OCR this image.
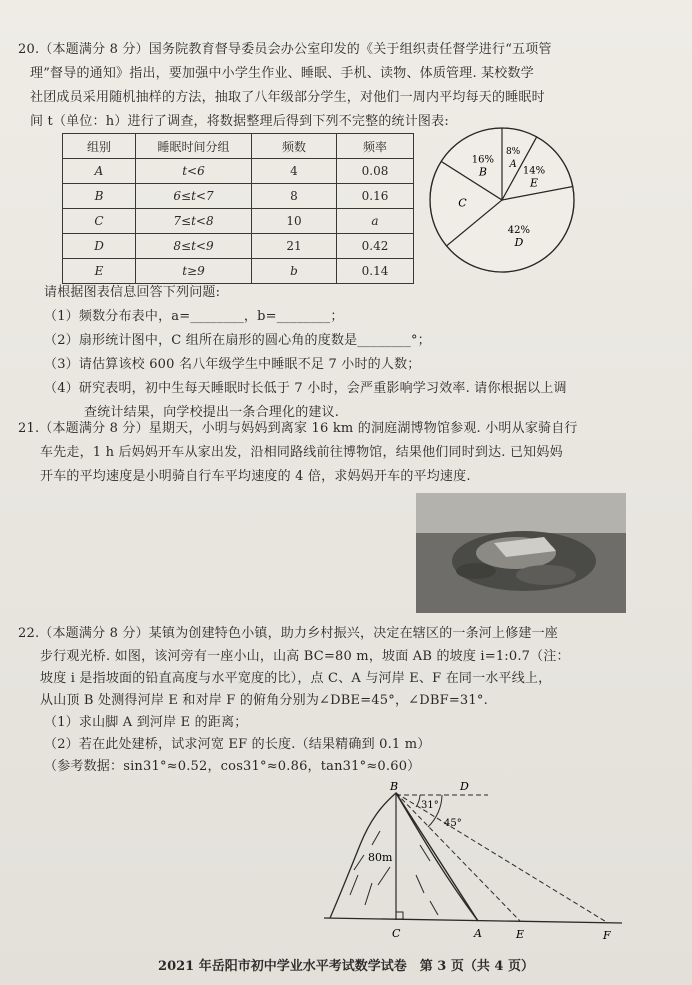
20.（本题满分 8 分）国务院教育督导委员会办公室印发的《关于组织责任督学进行“五项管
理”督导的通知》指出，要加强中小学生作业、睡眠、手机、读物、体质管理. 某校数学
社团成员采用随机抽样的方法，抽取了八年级部分学生，对他们一周内平均每天的睡眠时
间 t（单位：h）进行了调查，将数据整理后得到下列不完整的统计图表:
组别	睡眠时间分组	频数	频率
A	t<6	4	0.08
B	6≤t<7	8	0.16
C	7≤t<8	10	a
D	8≤t<9	21	0.42
E	t≥9	b	0.14
8%
A
14%
E
42%
D
C
16%
B
请根据图表信息回答下列问题:
（1）频数分布表中，a=________，b=________；
（2）扇形统计图中，C 组所在扇形的圆心角的度数是________°；
（3）请估算该校 600 名八年级学生中睡眠不足 7 小时的人数；
（4）研究表明，初中生每天睡眠时长低于 7 小时，会严重影响学习效率. 请你根据以上调
查统计结果，向学校提出一条合理化的建议.
21.（本题满分 8 分）星期天，小明与妈妈到离家 16 km 的洞庭湖博物馆参观. 小明从家骑自行
车先走，1 h 后妈妈开车从家出发，沿相同路线前往博物馆，结果他们同时到达. 已知妈妈
开车的平均速度是小明骑自行车平均速度的 4 倍，求妈妈开车的平均速度.
22.（本题满分 8 分）某镇为创建特色小镇，助力乡村振兴，决定在辖区的一条河上修建一座
步行观光桥. 如图，该河旁有一座小山，山高 BC=80 m，坡面 AB 的坡度 i=1:0.7（注：
坡度 i 是指坡面的铅直高度与水平宽度的比），点 C、A 与河岸 E、F 在同一水平线上，
从山顶 B 处测得河岸 E 和对岸 F 的俯角分别为∠DBE=45°，∠DBF=31°.
（1）求山脚 A 到河岸 E 的距离；
（2）若在此处建桥，试求河宽 EF 的长度.（结果精确到 0.1 m）
（参考数据：sin31°≈0.52，cos31°≈0.86，tan31°≈0.60）
B	D
31°
45°
80m
C	A	E	F
2021 年岳阳市初中学业水平考试数学试卷　第 3 页（共 4 页）
